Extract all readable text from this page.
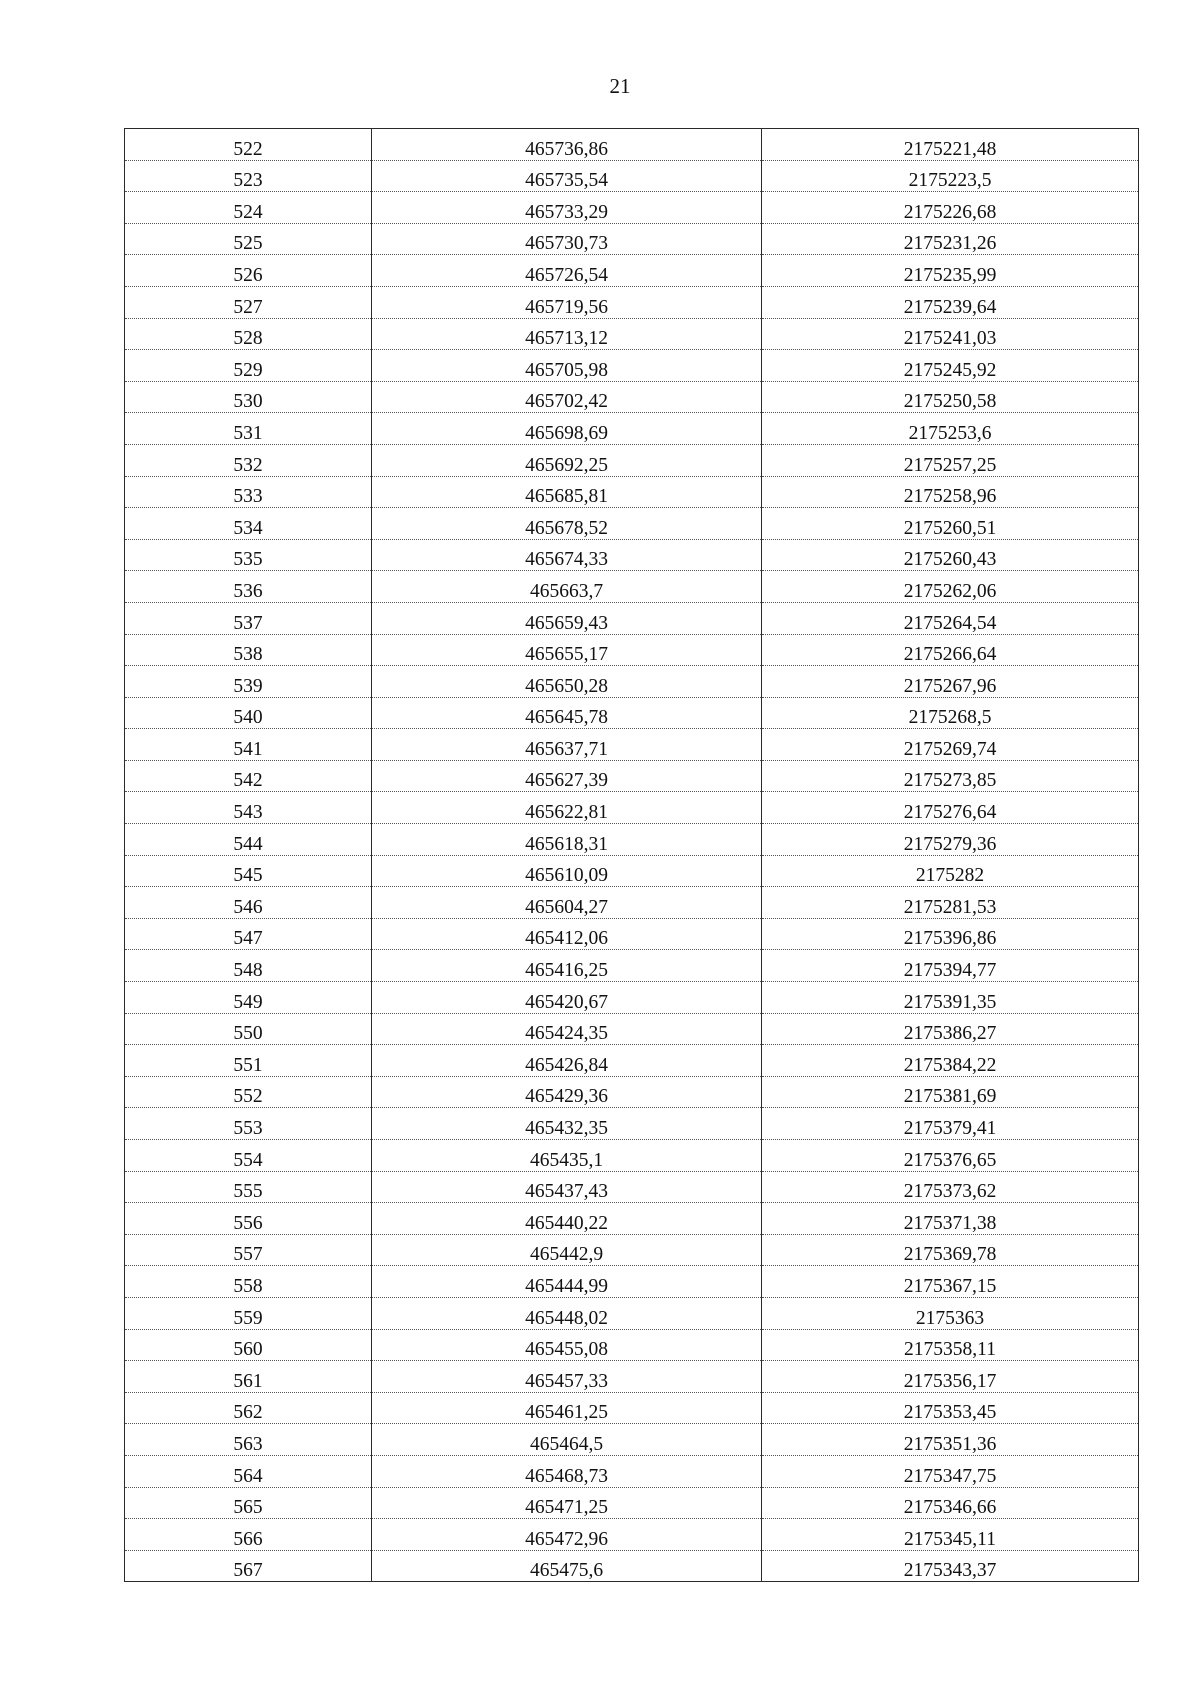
21
522	465736,86	2175221,48
523	465735,54	2175223,5
524	465733,29	2175226,68
525	465730,73	2175231,26
526	465726,54	2175235,99
527	465719,56	2175239,64
528	465713,12	2175241,03
529	465705,98	2175245,92
530	465702,42	2175250,58
531	465698,69	2175253,6
532	465692,25	2175257,25
533	465685,81	2175258,96
534	465678,52	2175260,51
535	465674,33	2175260,43
536	465663,7	2175262,06
537	465659,43	2175264,54
538	465655,17	2175266,64
539	465650,28	2175267,96
540	465645,78	2175268,5
541	465637,71	2175269,74
542	465627,39	2175273,85
543	465622,81	2175276,64
544	465618,31	2175279,36
545	465610,09	2175282
546	465604,27	2175281,53
547	465412,06	2175396,86
548	465416,25	2175394,77
549	465420,67	2175391,35
550	465424,35	2175386,27
551	465426,84	2175384,22
552	465429,36	2175381,69
553	465432,35	2175379,41
554	465435,1	2175376,65
555	465437,43	2175373,62
556	465440,22	2175371,38
557	465442,9	2175369,78
558	465444,99	2175367,15
559	465448,02	2175363
560	465455,08	2175358,11
561	465457,33	2175356,17
562	465461,25	2175353,45
563	465464,5	2175351,36
564	465468,73	2175347,75
565	465471,25	2175346,66
566	465472,96	2175345,11
567	465475,6	2175343,37
